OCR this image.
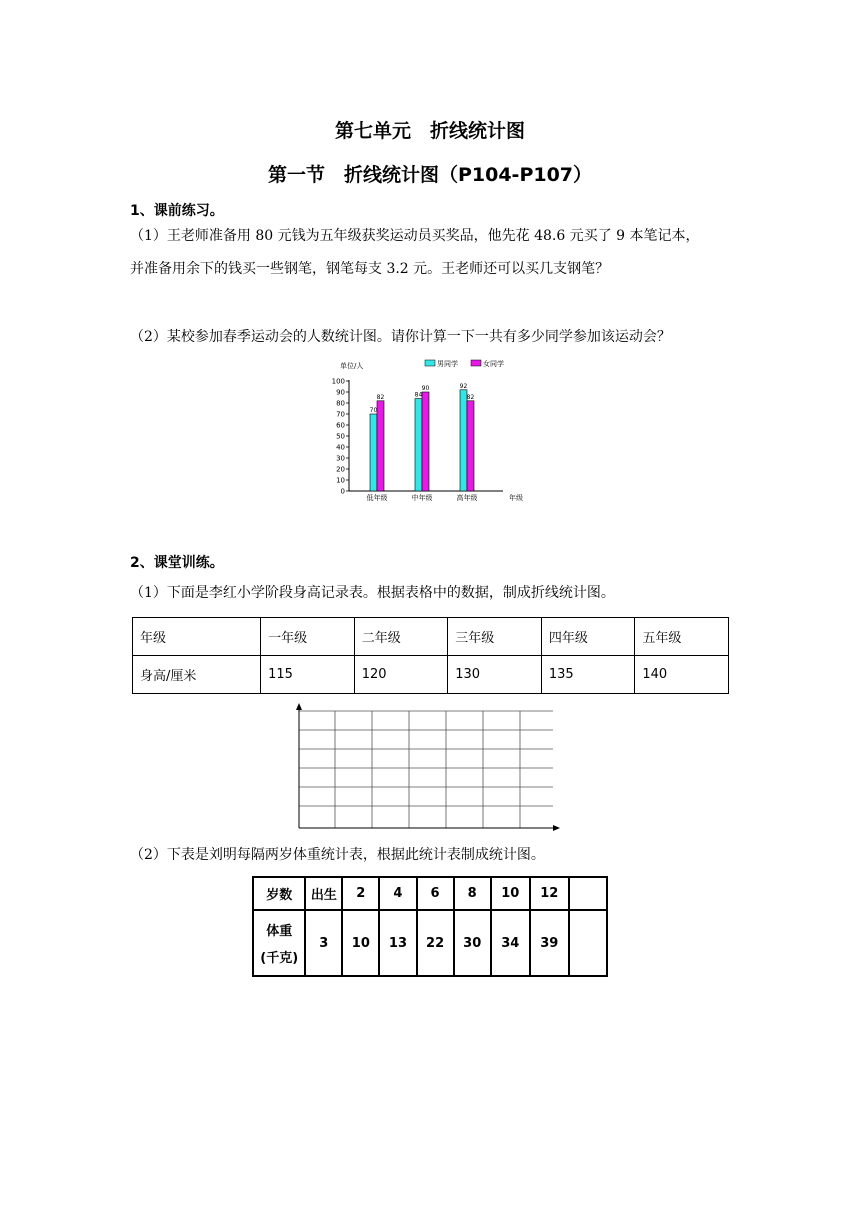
第七单元　折线统计图
第一节　折线统计图（P104-P107）
1、课前练习。
（1）王老师准备用 80 元钱为五年级获奖运动员买奖品，他先花 48.6 元买了 9 本笔记本，
并准备用余下的钱买一些钢笔，钢笔每支 3.2 元。王老师还可以买几支钢笔？
（2）某校参加春季运动会的人数统计图。请你计算一下一共有多少同学参加该运动会？
单位/人	男同学	女同学
0
10
20
30
40
50
60
70
80
90
100
70
82	84
90	92
82
低年级	中年级	高年级	年级
2、课堂训练。
（1）下面是李红小学阶段身高记录表。根据表格中的数据，制成折线统计图。
年级	一年级	二年级	三年级	四年级	五年级
身高/厘米	115	120	130	135	140
（2）下表是刘明每隔两岁体重统计表，根据此统计表制成统计图。
岁数	出生	2	4	6	8	10	12	

体重
(千克)	3	10	13	22	30	34	39	
